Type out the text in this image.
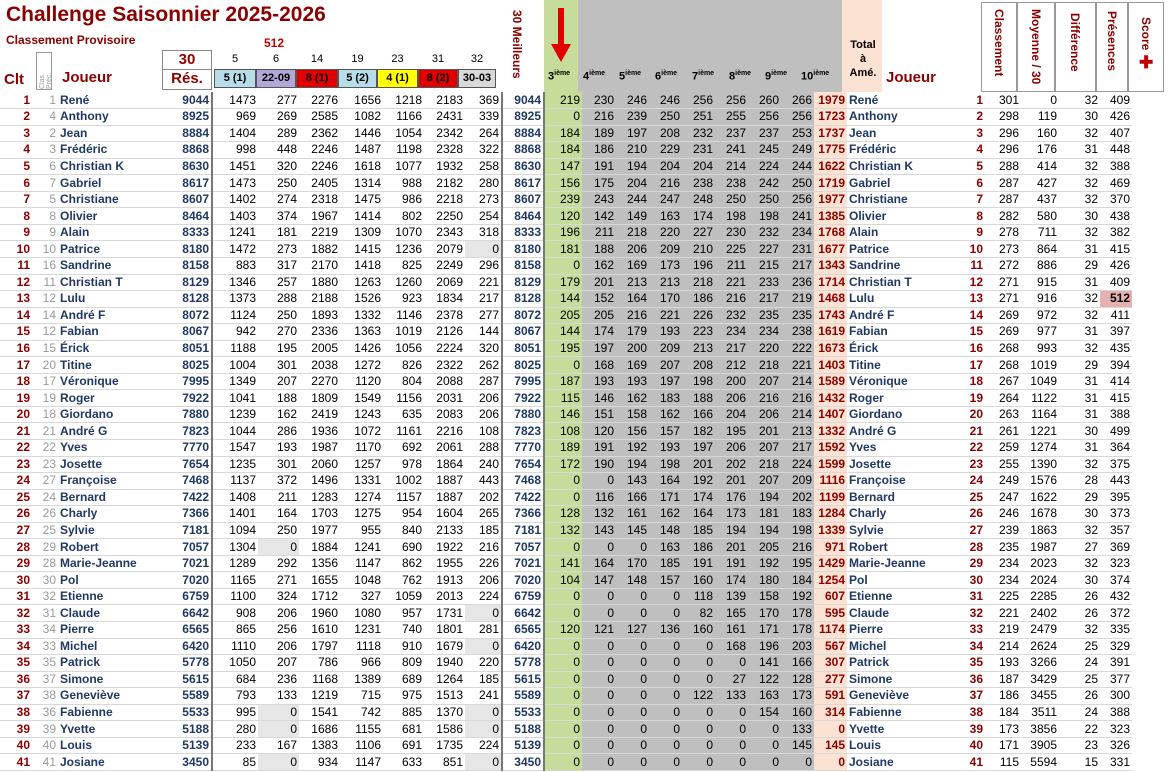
Challenge Saisonnier 2025-2026
Classement Provisoire	512
Clas. Préc.
Clt	Joueur
30
Rés.
5	6	14	19	23	31	32
5 (1)	22-09	8 (1)	5 (2)	4 (1)	8 (2)	30-03	30 Meilleurs 3ième 4ième 5ième 6ième 7ième 8ième 9ième 10ième
Total
à
Amé. Joueur
Classement Moyenne / 30 Différence Présences Score
✚
1	1	René	9044	1473	277	2276	1656	1218	2183	369	9044	219	230	246	246	256	256	260	266	1979	René	1	301	0	32	409
2	4	Anthony	8925	969	269	2585	1082	1166	2431	339	8925	0	216	239	250	251	255	256	256	1723	Anthony	2	298	119	30	426
3	2	Jean	8884	1404	289	2362	1446	1054	2342	264	8884	184	189	197	208	232	237	237	253	1737	Jean	3	296	160	32	407
4	3	Frédéric	8868	998	448	2246	1487	1198	2328	322	8868	184	186	210	229	231	241	245	249	1775	Frédéric	4	296	176	31	448
5	6	Christian K	8630	1451	320	2246	1618	1077	1932	258	8630	147	191	194	204	204	214	224	244	1622	Christian K	5	288	414	32	388
6	7	Gabriel	8617	1473	250	2405	1314	988	2182	280	8617	156	175	204	216	238	238	242	250	1719	Gabriel	6	287	427	32	469
7	5	Christiane	8607	1402	274	2318	1475	986	2218	273	8607	239	243	244	247	248	250	250	256	1977	Christiane	7	287	437	32	370
8	8	Olivier	8464	1403	374	1967	1414	802	2250	254	8464	120	142	149	163	174	198	198	241	1385	Olivier	8	282	580	30	438
9	9	Alain	8333	1241	181	2219	1309	1070	2343	318	8333	196	211	218	220	227	230	232	234	1768	Alain	9	278	711	32	382
10	10	Patrice	8180	1472	273	1882	1415	1236	2079	0	8180	181	188	206	209	210	225	227	231	1677	Patrice	10	273	864	31	415
11	16	Sandrine	8158	883	317	2170	1418	825	2249	296	8158	0	162	169	173	196	211	215	217	1343	Sandrine	11	272	886	29	426
12	11	Christian T	8129	1346	257	1880	1263	1260	2069	221	8129	179	201	213	213	218	221	233	236	1714	Christian T	12	271	915	31	409
13	12	Lulu	8128	1373	288	2188	1526	923	1834	217	8128	144	152	164	170	186	216	217	219	1468	Lulu	13	271	916	32	512
14	14	André F	8072	1124	250	1893	1332	1146	2378	277	8072	205	205	216	221	226	232	235	235	1743	André F	14	269	972	32	411
15	12	Fabian	8067	942	270	2336	1363	1019	2126	144	8067	144	174	179	193	223	234	234	238	1619	Fabian	15	269	977	31	397
16	15	Érick	8051	1188	195	2005	1426	1056	2224	320	8051	195	197	200	209	213	217	220	222	1673	Érick	16	268	993	32	435
17	20	Titine	8025	1004	301	2038	1272	826	2322	262	8025	0	168	169	207	208	212	218	221	1403	Titine	17	268	1019	29	394
18	17	Véronique	7995	1349	207	2270	1120	804	2088	287	7995	187	193	193	197	198	200	207	214	1589	Véronique	18	267	1049	31	414
19	19	Roger	7922	1041	188	1809	1549	1156	2031	206	7922	115	146	162	183	188	206	216	216	1432	Roger	19	264	1122	31	415
20	18	Giordano	7880	1239	162	2419	1243	635	2083	206	7880	146	151	158	162	166	204	206	214	1407	Giordano	20	263	1164	31	388
21	21	André G	7823	1044	286	1936	1072	1161	2216	108	7823	108	120	156	157	182	195	201	213	1332	André G	21	261	1221	30	499
22	22	Yves	7770	1547	193	1987	1170	692	2061	288	7770	189	191	192	193	197	206	207	217	1592	Yves	22	259	1274	31	364
23	23	Josette	7654	1235	301	2060	1257	978	1864	240	7654	172	190	194	198	201	202	218	224	1599	Josette	23	255	1390	32	375
24	27	Françoise	7468	1137	372	1496	1331	1002	1887	443	7468	0	0	143	164	192	201	207	209	1116	Françoise	24	249	1576	28	443
25	24	Bernard	7422	1408	211	1283	1274	1157	1887	202	7422	0	116	166	171	174	176	194	202	1199	Bernard	25	247	1622	29	395
26	26	Charly	7366	1401	164	1703	1275	954	1604	265	7366	128	132	161	162	164	173	181	183	1284	Charly	26	246	1678	30	373
27	25	Sylvie	7181	1094	250	1977	955	840	2133	185	7181	132	143	145	148	185	194	194	198	1339	Sylvie	27	239	1863	32	357
28	29	Robert	7057	1304	0	1884	1241	690	1922	216	7057	0	0	0	163	186	201	205	216	971	Robert	28	235	1987	27	369
29	28	Marie-Jeanne	7021	1289	292	1356	1147	862	1955	226	7021	141	164	170	185	191	191	192	195	1429	Marie-Jeanne	29	234	2023	32	323
30	30	Pol	7020	1165	271	1655	1048	762	1913	206	7020	104	147	148	157	160	174	180	184	1254	Pol	30	234	2024	30	374
31	32	Etienne	6759	1100	324	1712	327	1059	2013	224	6759	0	0	0	0	118	139	158	192	607	Etienne	31	225	2285	26	432
32	31	Claude	6642	908	206	1960	1080	957	1731	0	6642	0	0	0	0	82	165	170	178	595	Claude	32	221	2402	26	372
33	34	Pierre	6565	865	256	1610	1231	740	1801	281	6565	120	121	127	136	160	161	171	178	1174	Pierre	33	219	2479	32	335
34	33	Michel	6420	1110	206	1797	1118	910	1679	0	6420	0	0	0	0	0	168	196	203	567	Michel	34	214	2624	25	329
35	35	Patrick	5778	1050	207	786	966	809	1940	220	5778	0	0	0	0	0	0	141	166	307	Patrick	35	193	3266	24	391
36	37	Simone	5615	684	236	1168	1389	689	1264	185	5615	0	0	0	0	0	27	122	128	277	Simone	36	187	3429	25	377
37	38	Geneviève	5589	793	133	1219	715	975	1513	241	5589	0	0	0	0	122	133	163	173	591	Geneviève	37	186	3455	26	300
38	36	Fabienne	5533	995	0	1541	742	885	1370	0	5533	0	0	0	0	0	0	154	160	314	Fabienne	38	184	3511	24	388
39	39	Yvette	5188	280	0	1686	1155	681	1586	0	5188	0	0	0	0	0	0	0	133	0	Yvette	39	173	3856	22	323
40	40	Louis	5139	233	167	1383	1106	691	1735	224	5139	0	0	0	0	0	0	0	145	145	Louis	40	171	3905	23	326
41	41	Josiane	3450	85	0	934	1147	633	851	0	3450	0	0	0	0	0	0	0	0	0	Josiane	41	115	5594	15	331
